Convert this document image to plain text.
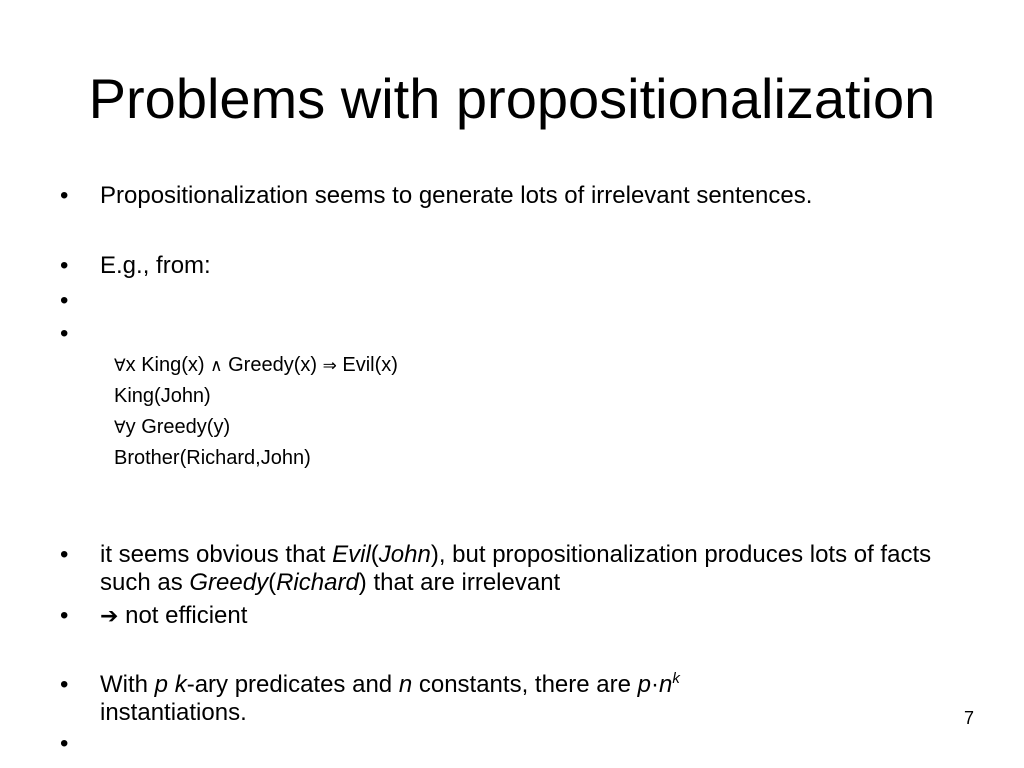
Problems with propositionalization
• Propositionalization seems to generate lots of irrelevant sentences.
• E.g., from:
•
•
∀x King(x) ∧ Greedy(x) ⇒ Evil(x)
King(John)
∀y Greedy(y)
Brother(Richard,John)
• it seems obvious that Evil(John), but propositionalization produces lots of facts such as Greedy(Richard) that are irrelevant
• ➔ not efficient
• With p k-ary predicates and n constants, there are $p\cdot n^k$ instantiations.
•
7
